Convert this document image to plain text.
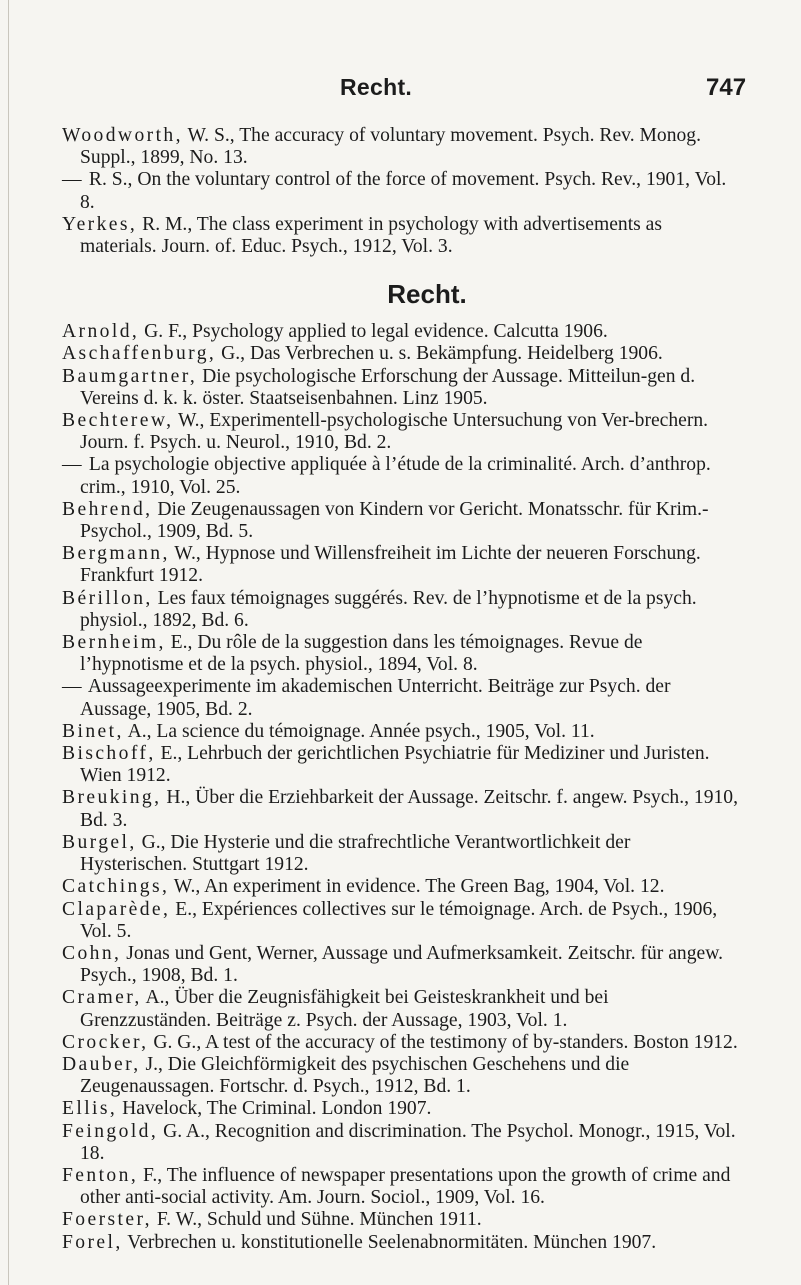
Recht.	747

Woodworth, W. S., The accuracy of voluntary movement. Psych. Rev. Monog. Suppl., 1899, No. 13.

— R. S., On the voluntary control of the force of movement. Psych. Rev., 1901, Vol. 8.

Yerkes, R. M., The class experiment in psychology with advertisements as materials. Journ. of. Educ. Psych., 1912, Vol. 3.

Recht.

Arnold, G. F., Psychology applied to legal evidence. Calcutta 1906.

Aschaffenburg, G., Das Verbrechen u. s. Bekämpfung. Heidelberg 1906.

Baumgartner, Die psychologische Erforschung der Aussage. Mitteilun-gen d. Vereins d. k. k. öster. Staatseisenbahnen. Linz 1905.

Bechterew, W., Experimentell-psychologische Untersuchung von Ver-brechern. Journ. f. Psych. u. Neurol., 1910, Bd. 2.

— La psychologie objective appliquée à l’étude de la criminalité. Arch. d’anthrop. crim., 1910, Vol. 25.

Behrend, Die Zeugenaussagen von Kindern vor Gericht. Monatsschr. für Krim.-Psychol., 1909, Bd. 5.

Bergmann, W., Hypnose und Willensfreiheit im Lichte der neueren Forschung. Frankfurt 1912.

Bérillon, Les faux témoignages suggérés. Rev. de l’hypnotisme et de la psych. physiol., 1892, Bd. 6.

Bernheim, E., Du rôle de la suggestion dans les témoignages. Revue de l’hypnotisme et de la psych. physiol., 1894, Vol. 8.

— Aussageexperimente im akademischen Unterricht. Beiträge zur Psych. der Aussage, 1905, Bd. 2.

Binet, A., La science du témoignage. Année psych., 1905, Vol. 11.

Bischoff, E., Lehrbuch der gerichtlichen Psychiatrie für Mediziner und Juristen. Wien 1912.

Breuking, H., Über die Erziehbarkeit der Aussage. Zeitschr. f. angew. Psych., 1910, Bd. 3.

Burgel, G., Die Hysterie und die strafrechtliche Verantwortlichkeit der Hysterischen. Stuttgart 1912.

Catchings, W., An experiment in evidence. The Green Bag, 1904, Vol. 12.

Claparède, E., Expériences collectives sur le témoignage. Arch. de Psych., 1906, Vol. 5.

Cohn, Jonas und Gent, Werner, Aussage und Aufmerksamkeit. Zeitschr. für angew. Psych., 1908, Bd. 1.

Cramer, A., Über die Zeugnisfähigkeit bei Geisteskrankheit und bei Grenzzuständen. Beiträge z. Psych. der Aussage, 1903, Vol. 1.

Crocker, G. G., A test of the accuracy of the testimony of by-standers. Boston 1912.

Dauber, J., Die Gleichförmigkeit des psychischen Geschehens und die Zeugenaussagen. Fortschr. d. Psych., 1912, Bd. 1.

Ellis, Havelock, The Criminal. London 1907.

Feingold, G. A., Recognition and discrimination. The Psychol. Monogr., 1915, Vol. 18.

Fenton, F., The influence of newspaper presentations upon the growth of crime and other anti-social activity. Am. Journ. Sociol., 1909, Vol. 16.

Foerster, F. W., Schuld und Sühne. München 1911.

Forel, Verbrechen u. konstitutionelle Seelenabnormitäten. München 1907.
